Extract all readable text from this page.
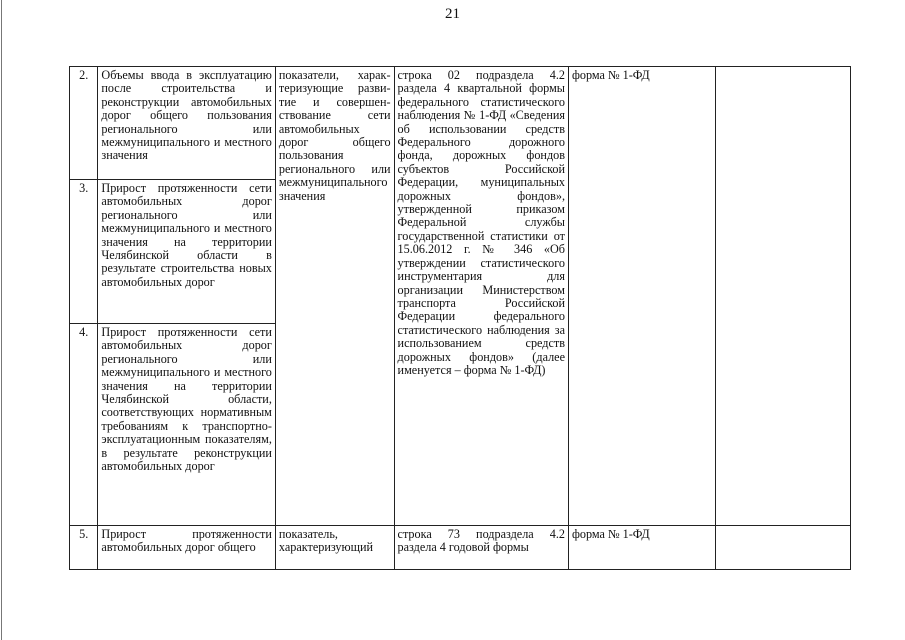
21
2.	Объемы ввода в эксплуатацию после строительства и реконструкции автомобильных дорог общего пользования регионального или межмуниципального и местного значения	показатели, характеризующие развитие и совершенствование сети автомобильных дорог общего пользования регионального или межмуниципального значения	строка 02 подраздела 4.2 раздела 4 квартальной формы федерального статистического наблюдения № 1-ФД «Сведения об использовании средств Федерального дорожного фонда, дорожных фондов субъектов Российской Федерации, муниципальных дорожных фондов», утвержденной приказом Федеральной службы государственной статистики от 15.06.2012 г. № 346 «Об утверждении статистического инструментария для организации Министерством транспорта Российской Федерации федерального статистического наблюдения за использованием средств дорожных фондов» (далее именуется – форма № 1-ФД)	форма № 1-ФД	
3.	Прирост протяженности сети автомобильных дорог регионального или межмуниципального и местного значения на территории Челябинской области в результате строительства новых автомобильных дорог				
4.	Прирост протяженности сети автомобильных дорог регионального или межмуниципального и местного значения на территории Челябинской области, соответствующих нормативным требованиям к транспортно-эксплуатационным показателям, в результате реконструкции автомобильных дорог				
5.	Прирост протяженности автомобильных дорог общего	показатель, характеризующий	строка 73 подраздела 4.2 раздела 4 годовой формы	форма № 1-ФД	
